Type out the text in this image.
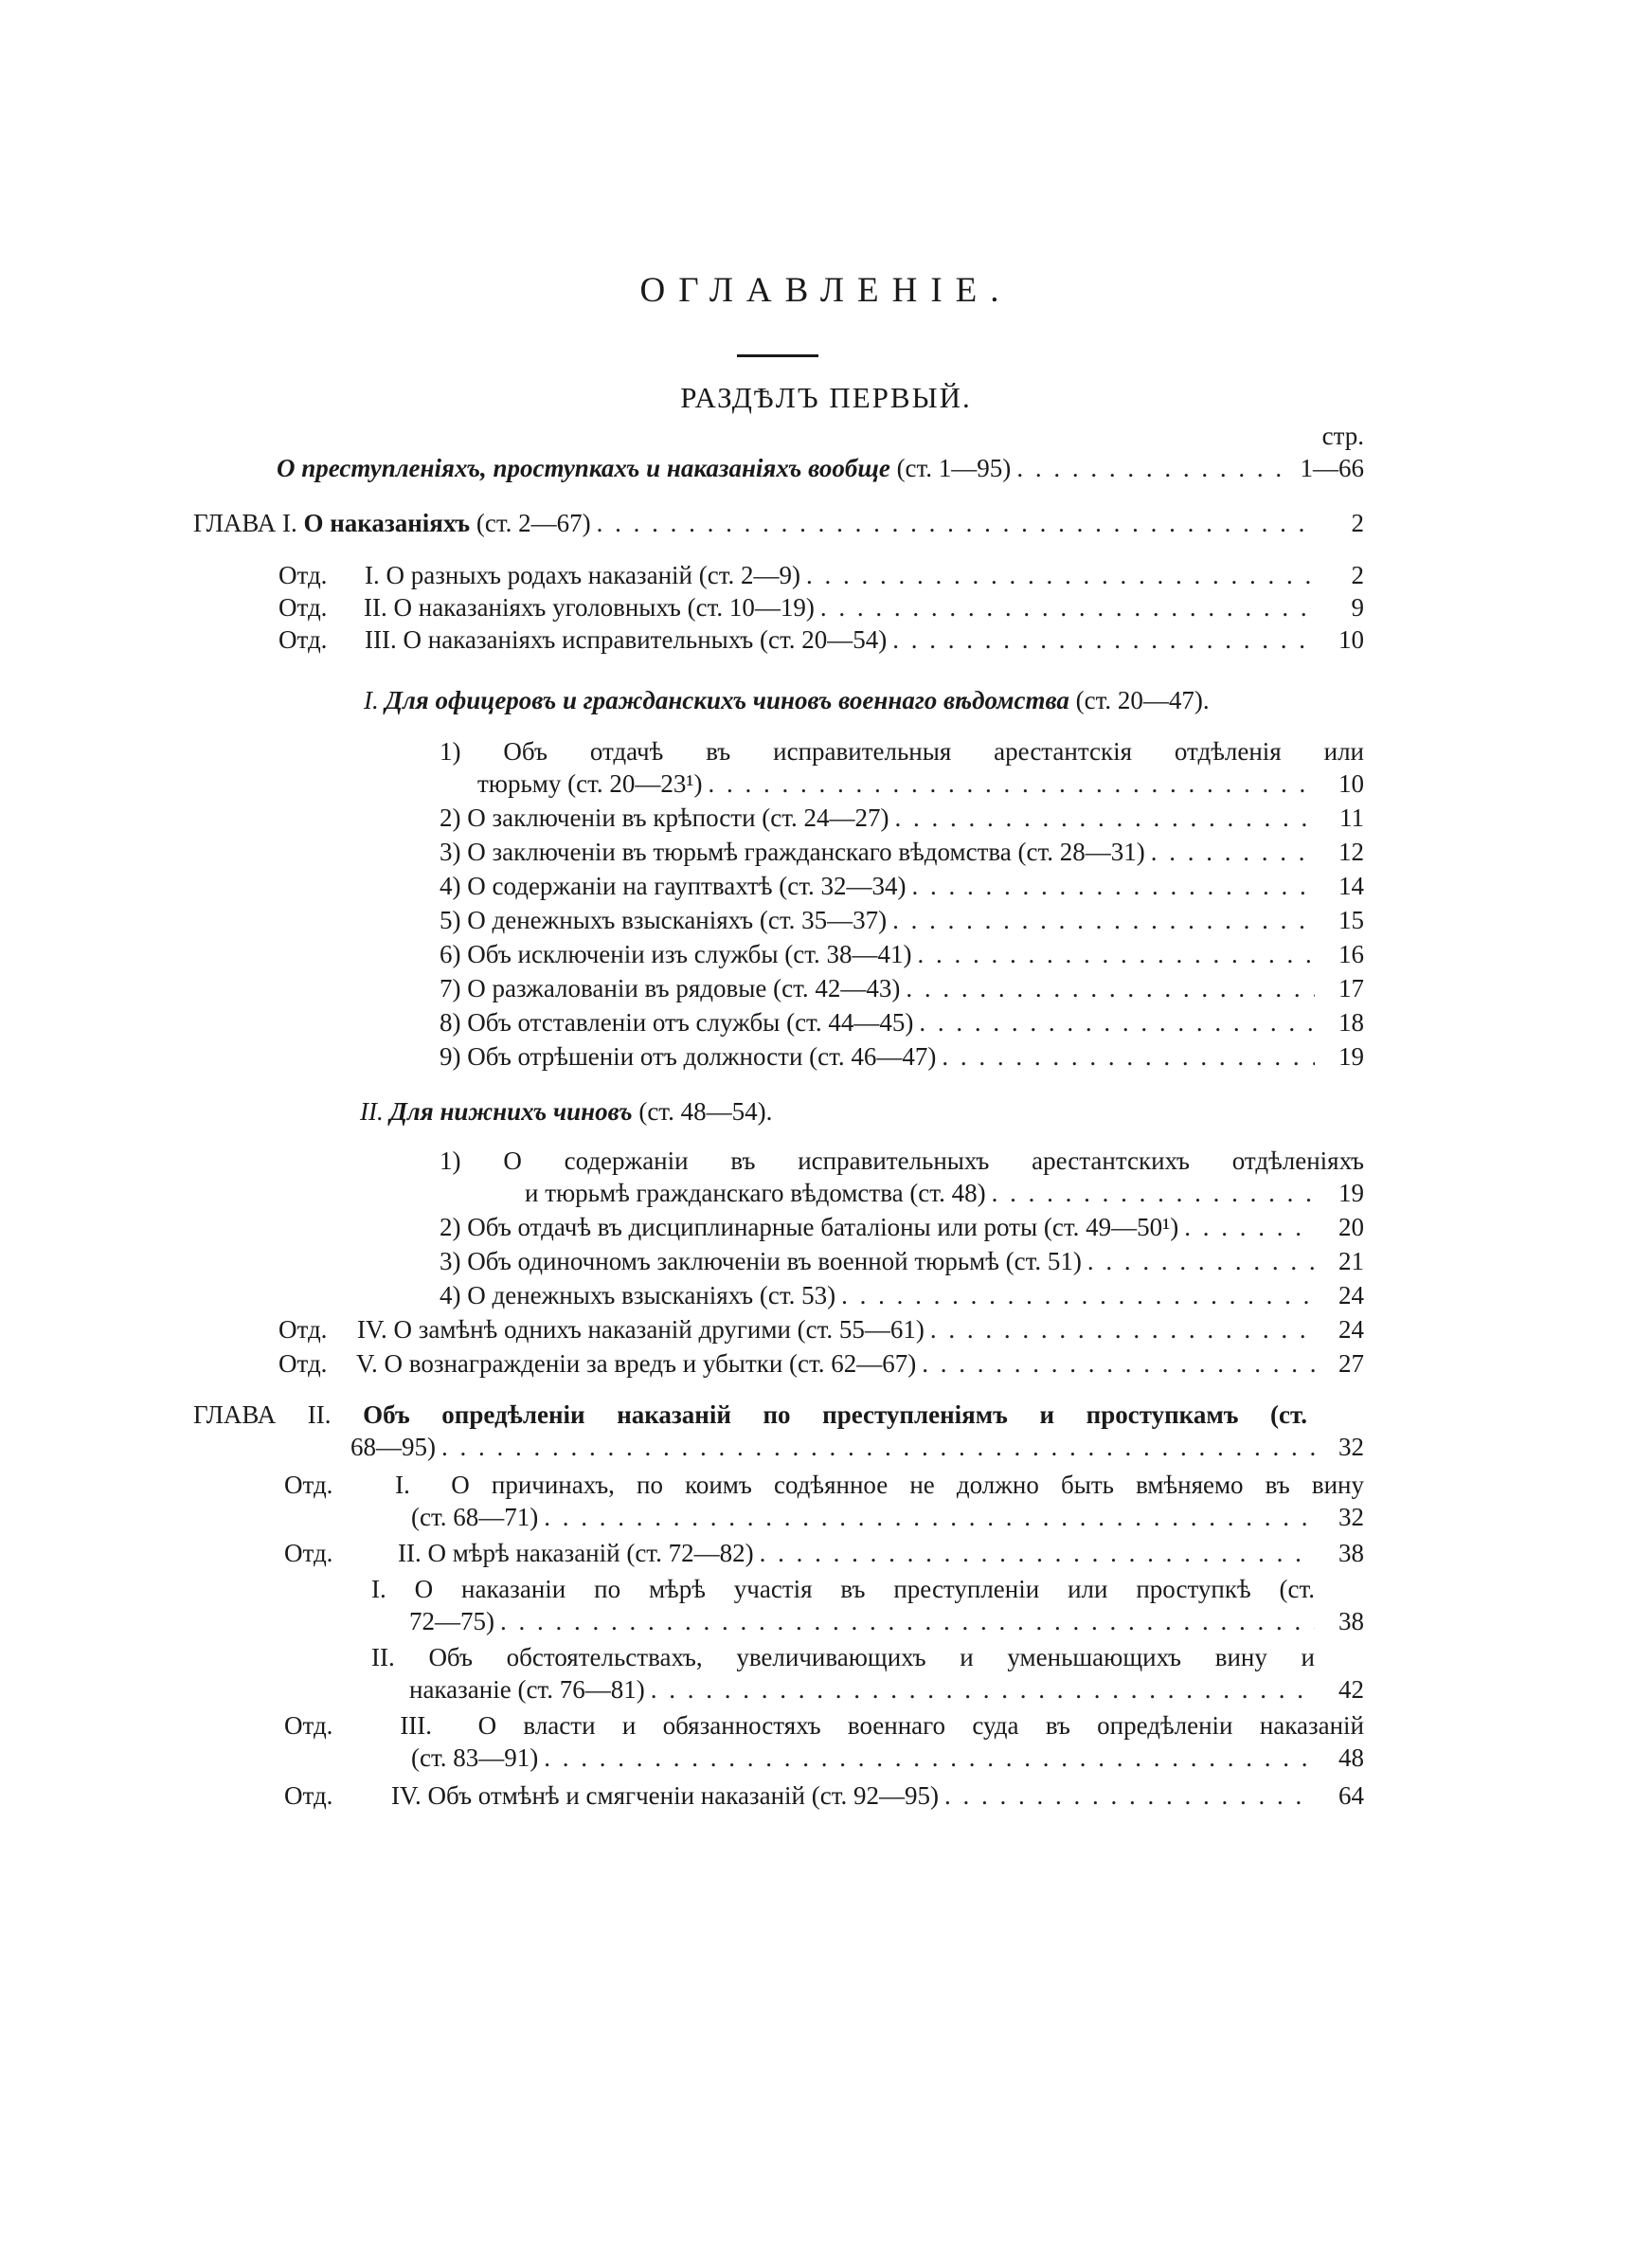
ОГЛАВЛЕНІЕ.
РАЗДѢЛЪ ПЕРВЫЙ.
стр.
О преступленіяхъ, проступкахъ и наказаніяхъ вообще (ст. 1—95) . . .	1—66
ГЛАВА I. О наказаніяхъ (ст. 2—67) . . .	2
Отд. I. О разныхъ родахъ наказаній (ст. 2—9) . . .	2
Отд. II. О наказаніяхъ уголовныхъ (ст. 10—19) . . .	9
Отд. III. О наказаніяхъ исправительныхъ (ст. 20—54) . . .	10
I. Для офицеровъ и гражданскихъ чиновъ военнаго вѣдомства (ст. 20—47).
1) Объ отдачѣ въ исправительныя арестантскія отдѣленія или
тюрьму (ст. 20—23¹) . . .	10
2) О заключеніи въ крѣпости (ст. 24—27) . . .	11
3) О заключеніи въ тюрьмѣ гражданскаго вѣдомства (ст. 28—31) . . .	12
4) О содержаніи на гауптвахтѣ (ст. 32—34) . . .	14
5) О денежныхъ взысканіяхъ (ст. 35—37) . . .	15
6) Объ исключеніи изъ службы (ст. 38—41) . . .	16
7) О разжалованіи въ рядовые (ст. 42—43) . . .	17
8) Объ отставленіи отъ службы (ст. 44—45) . . .	18
9) Объ отрѣшеніи отъ должности (ст. 46—47) . . .	19
II. Для нижнихъ чиновъ (ст. 48—54).
1) О содержаніи въ исправительныхъ арестантскихъ отдѣленіяхъ
и тюрьмѣ гражданскаго вѣдомства (ст. 48) . . .	19
2) Объ отдачѣ въ дисциплинарные баталіоны или роты (ст. 49—50¹) . . .	20
3) Объ одиночномъ заключеніи въ военной тюрьмѣ (ст. 51) . . .	21
4) О денежныхъ взысканіяхъ (ст. 53) . . .	24
Отд. IV. О замѣнѣ однихъ наказаній другими (ст. 55—61) . . .	24
Отд. V. О вознагражденіи за вредъ и убытки (ст. 62—67) . . .	27
ГЛАВА II. Объ опредѣленіи наказаній по преступленіямъ и проступкамъ (ст.
68—95) . . .	32
Отд. I. О причинахъ, по коимъ содѣянное не должно быть вмѣняемо въ вину
(ст. 68—71) . . .	32
Отд.	II. О мѣрѣ наказаній (ст. 72—82) . . .	38
I. О наказаніи по мѣрѣ участія въ преступленіи или проступкѣ (ст.
72—75) . . .	38
II. Объ обстоятельствахъ, увеличивающихъ и уменьшающихъ вину и
наказаніе (ст. 76—81) . . .	42
Отд.	III. О власти и обязанностяхъ военнаго суда въ опредѣленіи наказаній
(ст. 83—91) . . .	48
Отд. IV. Объ отмѣнѣ и смягченіи наказаній (ст. 92—95) . . .	64
